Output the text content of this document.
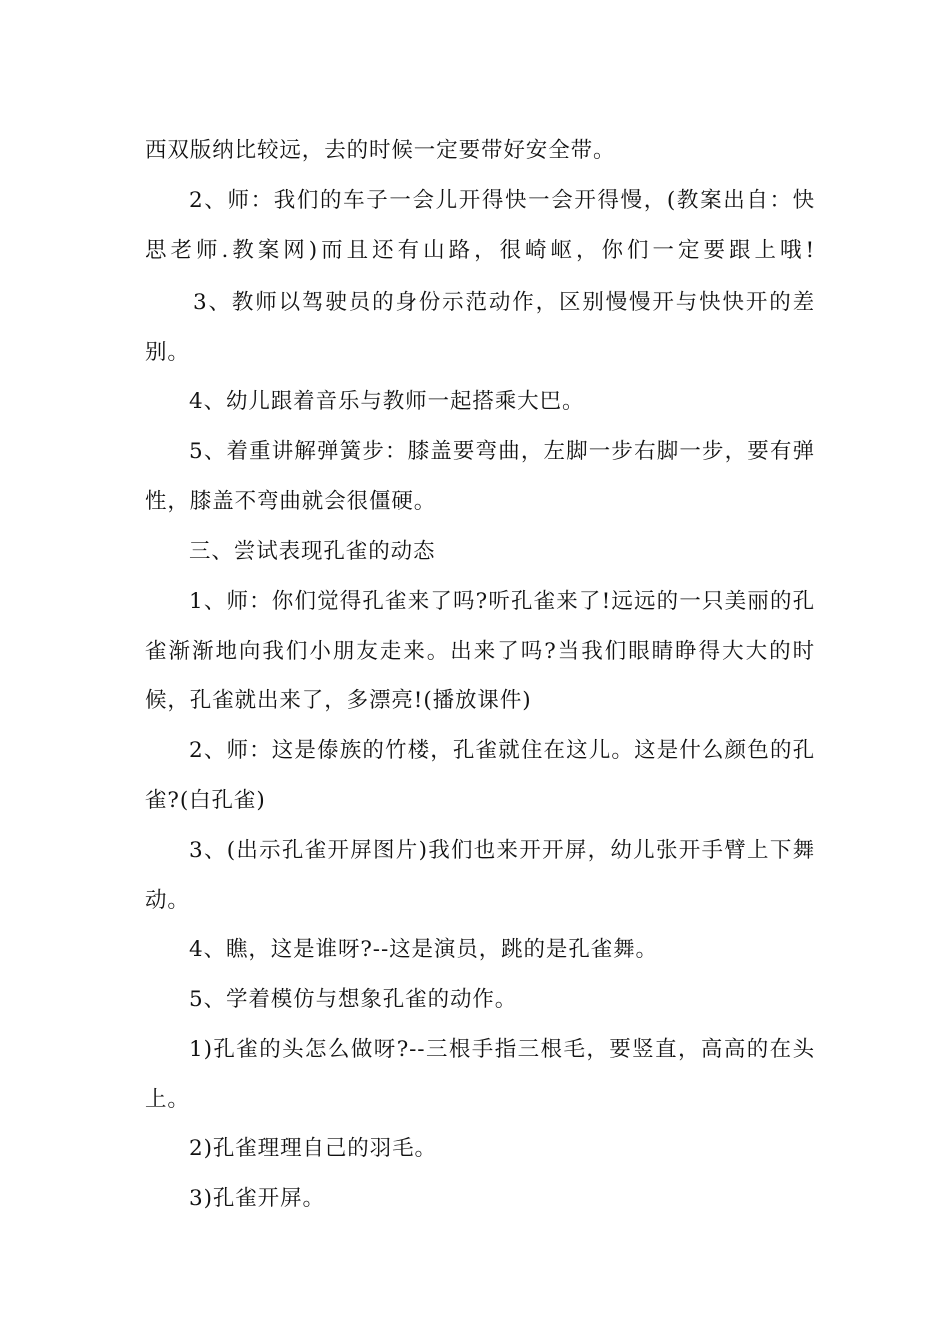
西双版纳比较远，去的时候一定要带好安全带。
2、师：我们的车子一会儿开得快一会开得慢，(教案出自：快
思老师.教案网)而且还有山路，很崎岖，你们一定要跟上哦!
3、教师以驾驶员的身份示范动作，区别慢慢开与快快开的差
别。
4、幼儿跟着音乐与教师一起搭乘大巴。
5、着重讲解弹簧步：膝盖要弯曲，左脚一步右脚一步，要有弹
性，膝盖不弯曲就会很僵硬。
三、尝试表现孔雀的动态
1、师：你们觉得孔雀来了吗?听孔雀来了!远远的一只美丽的孔
雀渐渐地向我们小朋友走来。出来了吗?当我们眼睛睁得大大的时
候，孔雀就出来了，多漂亮!(播放课件)
2、师：这是傣族的竹楼，孔雀就住在这儿。这是什么颜色的孔
雀?(白孔雀)
3、(出示孔雀开屏图片)我们也来开开屏，幼儿张开手臂上下舞
动。
4、瞧，这是谁呀?--这是演员，跳的是孔雀舞。
5、学着模仿与想象孔雀的动作。
1)孔雀的头怎么做呀?--三根手指三根毛，要竖直，高高的在头
上。
2)孔雀理理自己的羽毛。
3)孔雀开屏。
